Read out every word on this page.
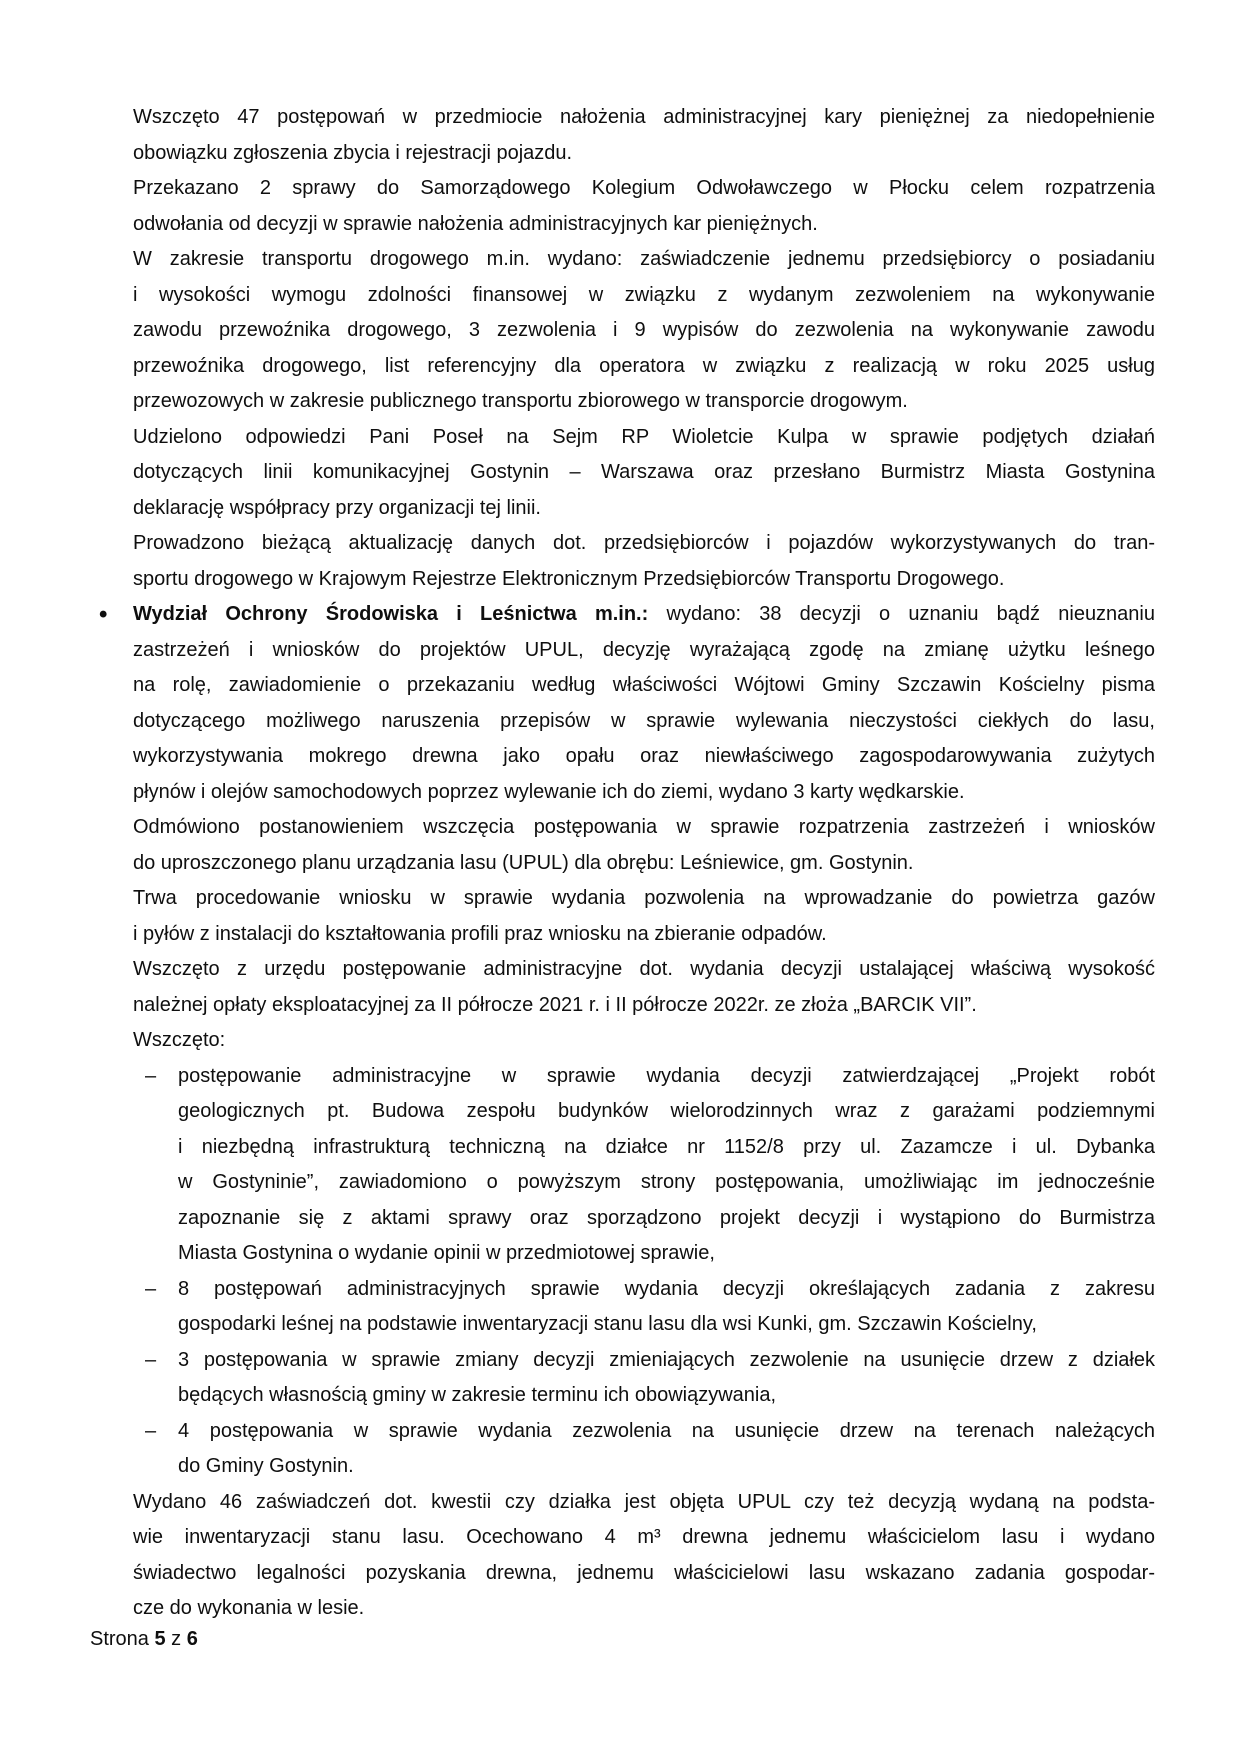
Wszczęto 47 postępowań w przedmiocie nałożenia administracyjnej kary pieniężnej za niedopełnienie
obowiązku zgłoszenia zbycia i rejestracji pojazdu.
Przekazano 2 sprawy do Samorządowego Kolegium Odwoławczego w Płocku celem rozpatrzenia
odwołania od decyzji w sprawie nałożenia administracyjnych kar pieniężnych.
W zakresie transportu drogowego m.in. wydano: zaświadczenie jednemu przedsiębiorcy o posiadaniu
i wysokości wymogu zdolności finansowej w związku z wydanym zezwoleniem na wykonywanie
zawodu przewoźnika drogowego, 3 zezwolenia i 9 wypisów do zezwolenia na wykonywanie zawodu
przewoźnika drogowego, list referencyjny dla operatora w związku z realizacją w roku 2025 usług
przewozowych w zakresie publicznego transportu zbiorowego w transporcie drogowym.
Udzielono odpowiedzi Pani Poseł na Sejm RP Wioletcie Kulpa w sprawie podjętych działań
dotyczących linii komunikacyjnej Gostynin – Warszawa oraz przesłano Burmistrz Miasta Gostynina
deklarację współpracy przy organizacji tej linii.
Prowadzono bieżącą aktualizację danych dot. przedsiębiorców i pojazdów wykorzystywanych do tran-
sportu drogowego w Krajowym Rejestrze Elektronicznym Przedsiębiorców Transportu Drogowego.
• Wydział Ochrony Środowiska i Leśnictwa m.in.: wydano: 38 decyzji o uznaniu bądź nieuznaniu
zastrzeżeń i wniosków do projektów UPUL, decyzję wyrażającą zgodę na zmianę użytku leśnego
na rolę, zawiadomienie o przekazaniu według właściwości Wójtowi Gminy Szczawin Kościelny pisma
dotyczącego możliwego naruszenia przepisów w sprawie wylewania nieczystości ciekłych do lasu,
wykorzystywania mokrego drewna jako opału oraz niewłaściwego zagospodarowywania zużytych
płynów i olejów samochodowych poprzez wylewanie ich do ziemi, wydano 3 karty wędkarskie.
Odmówiono postanowieniem wszczęcia postępowania w sprawie rozpatrzenia zastrzeżeń i wniosków
do uproszczonego planu urządzania lasu (UPUL) dla obrębu: Leśniewice, gm. Gostynin.
Trwa procedowanie wniosku w sprawie wydania pozwolenia na wprowadzanie do powietrza gazów
i pyłów z instalacji do kształtowania profili praz wniosku na zbieranie odpadów.
Wszczęto z urzędu postępowanie administracyjne dot. wydania decyzji ustalającej właściwą wysokość
należnej opłaty eksploatacyjnej za II półrocze 2021 r. i II półrocze 2022r. ze złoża „BARCIK VII”.
Wszczęto:
– postępowanie administracyjne w sprawie wydania decyzji zatwierdzającej „Projekt robót
geologicznych pt. Budowa zespołu budynków wielorodzinnych wraz z garażami podziemnymi
i niezbędną infrastrukturą techniczną na działce nr 1152/8 przy ul. Zazamcze i ul. Dybanka
w Gostyninie”, zawiadomiono o powyższym strony postępowania, umożliwiając im jednocześnie
zapoznanie się z aktami sprawy oraz sporządzono projekt decyzji i wystąpiono do Burmistrza
Miasta Gostynina o wydanie opinii w przedmiotowej sprawie,
– 8 postępowań administracyjnych sprawie wydania decyzji określających zadania z zakresu
gospodarki leśnej na podstawie inwentaryzacji stanu lasu dla wsi Kunki, gm. Szczawin Kościelny,
– 3 postępowania w sprawie zmiany decyzji zmieniających zezwolenie na usunięcie drzew z działek
będących własnością gminy w zakresie terminu ich obowiązywania,
– 4 postępowania w sprawie wydania zezwolenia na usunięcie drzew na terenach należących
do Gminy Gostynin.
Wydano 46 zaświadczeń dot. kwestii czy działka jest objęta UPUL czy też decyzją wydaną na podsta-
wie inwentaryzacji stanu lasu. Ocechowano 4 m³ drewna jednemu właścicielom lasu i wydano
świadectwo legalności pozyskania drewna, jednemu właścicielowi lasu wskazano zadania gospodar-
cze do wykonania w lesie.
Strona 5 z 6
